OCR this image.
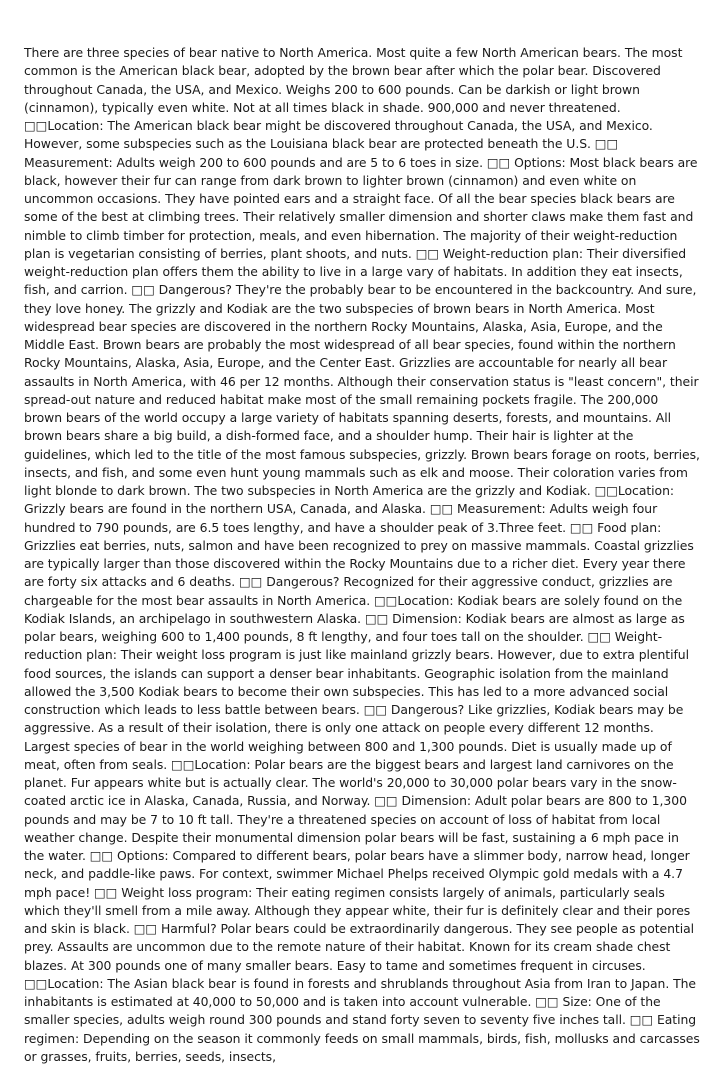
There are three species of bear native to North America. Most quite a few North American bears. The most common is the American black bear, adopted by the brown bear after which the polar bear. Discovered throughout Canada, the USA, and Mexico. Weighs 200 to 600 pounds. Can be darkish or light brown (cinnamon), typically even white. Not at all times black in shade. 900,000 and never threatened. □□Location: The American black bear might be discovered throughout Canada, the USA, and Mexico. However, some subspecies such as the Louisiana black bear are protected beneath the U.S. □□ Measurement: Adults weigh 200 to 600 pounds and are 5 to 6 toes in size. □□ Options: Most black bears are black, however their fur can range from dark brown to lighter brown (cinnamon) and even white on uncommon occasions. They have pointed ears and a straight face. Of all the bear species black bears are some of the best at climbing trees. Their relatively smaller dimension and shorter claws make them fast and nimble to climb timber for protection, meals, and even hibernation. The majority of their weight-reduction plan is vegetarian consisting of berries, plant shoots, and nuts. □□ Weight-reduction plan: Their diversified weight-reduction plan offers them the ability to live in a large vary of habitats. In addition they eat insects, fish, and carrion. □□ Dangerous? They're the probably bear to be encountered in the backcountry. And sure, they love honey. The grizzly and Kodiak are the two subspecies of brown bears in North America. Most widespread bear species are discovered in the northern Rocky Mountains, Alaska, Asia, Europe, and the Middle East. Brown bears are probably the most widespread of all bear species, found within the northern Rocky Mountains, Alaska, Asia, Europe, and the Center East. Grizzlies are accountable for nearly all bear assaults in North America, with 46 per 12 months. Although their conservation status is "least concern", their spread-out nature and reduced habitat make most of the small remaining pockets fragile. The 200,000 brown bears of the world occupy a large variety of habitats spanning deserts, forests, and mountains. All brown bears share a big build, a dish-formed face, and a shoulder hump. Their hair is lighter at the guidelines, which led to the title of the most famous subspecies, grizzly. Brown bears forage on roots, berries, insects, and fish, and some even hunt young mammals such as elk and moose. Their coloration varies from light blonde to dark brown. The two subspecies in North America are the grizzly and Kodiak. □□Location: Grizzly bears are found in the northern USA, Canada, and Alaska. □□ Measurement: Adults weigh four hundred to 790 pounds, are 6.5 toes lengthy, and have a shoulder peak of 3.Three feet. □□ Food plan: Grizzlies eat berries, nuts, salmon and have been recognized to prey on massive mammals. Coastal grizzlies are typically larger than those discovered within the Rocky Mountains due to a richer diet. Every year there are forty six attacks and 6 deaths. □□ Dangerous? Recognized for their aggressive conduct, grizzlies are chargeable for the most bear assaults in North America. □□Location: Kodiak bears are solely found on the Kodiak Islands, an archipelago in southwestern Alaska. □□ Dimension: Kodiak bears are almost as large as polar bears, weighing 600 to 1,400 pounds, 8 ft lengthy, and four toes tall on the shoulder. □□ Weight-reduction plan: Their weight loss program is just like mainland grizzly bears. However, due to extra plentiful food sources, the islands can support a denser bear inhabitants. Geographic isolation from the mainland allowed the 3,500 Kodiak bears to become their own subspecies. This has led to a more advanced social construction which leads to less battle between bears. □□ Dangerous? Like grizzlies, Kodiak bears may be aggressive. As a result of their isolation, there is only one attack on people every different 12 months. Largest species of bear in the world weighing between 800 and 1,300 pounds. Diet is usually made up of meat, often from seals. □□Location: Polar bears are the biggest bears and largest land carnivores on the planet. Fur appears white but is actually clear. The world's 20,000 to 30,000 polar bears vary in the snow-coated arctic ice in Alaska, Canada, Russia, and Norway. □□ Dimension: Adult polar bears are 800 to 1,300 pounds and may be 7 to 10 ft tall. They're a threatened species on account of loss of habitat from local weather change. Despite their monumental dimension polar bears will be fast, sustaining a 6 mph pace in the water. □□ Options: Compared to different bears, polar bears have a slimmer body, narrow head, longer neck, and paddle-like paws. For context, swimmer Michael Phelps received Olympic gold medals with a 4.7 mph pace! □□ Weight loss program: Their eating regimen consists largely of animals, particularly seals which they'll smell from a mile away. Although they appear white, their fur is definitely clear and their pores and skin is black. □□ Harmful? Polar bears could be extraordinarily dangerous. They see people as potential prey. Assaults are uncommon due to the remote nature of their habitat. Known for its cream shade chest blazes. At 300 pounds one of many smaller bears. Easy to tame and sometimes frequent in circuses. □□Location: The Asian black bear is found in forests and shrublands throughout Asia from Iran to Japan. The inhabitants is estimated at 40,000 to 50,000 and is taken into account vulnerable. □□ Size: One of the smaller species, adults weigh round 300 pounds and stand forty seven to seventy five inches tall. □□ Eating regimen: Depending on the season it commonly feeds on small mammals, birds, fish, mollusks and carcasses or grasses, fruits, berries, seeds, insects,
